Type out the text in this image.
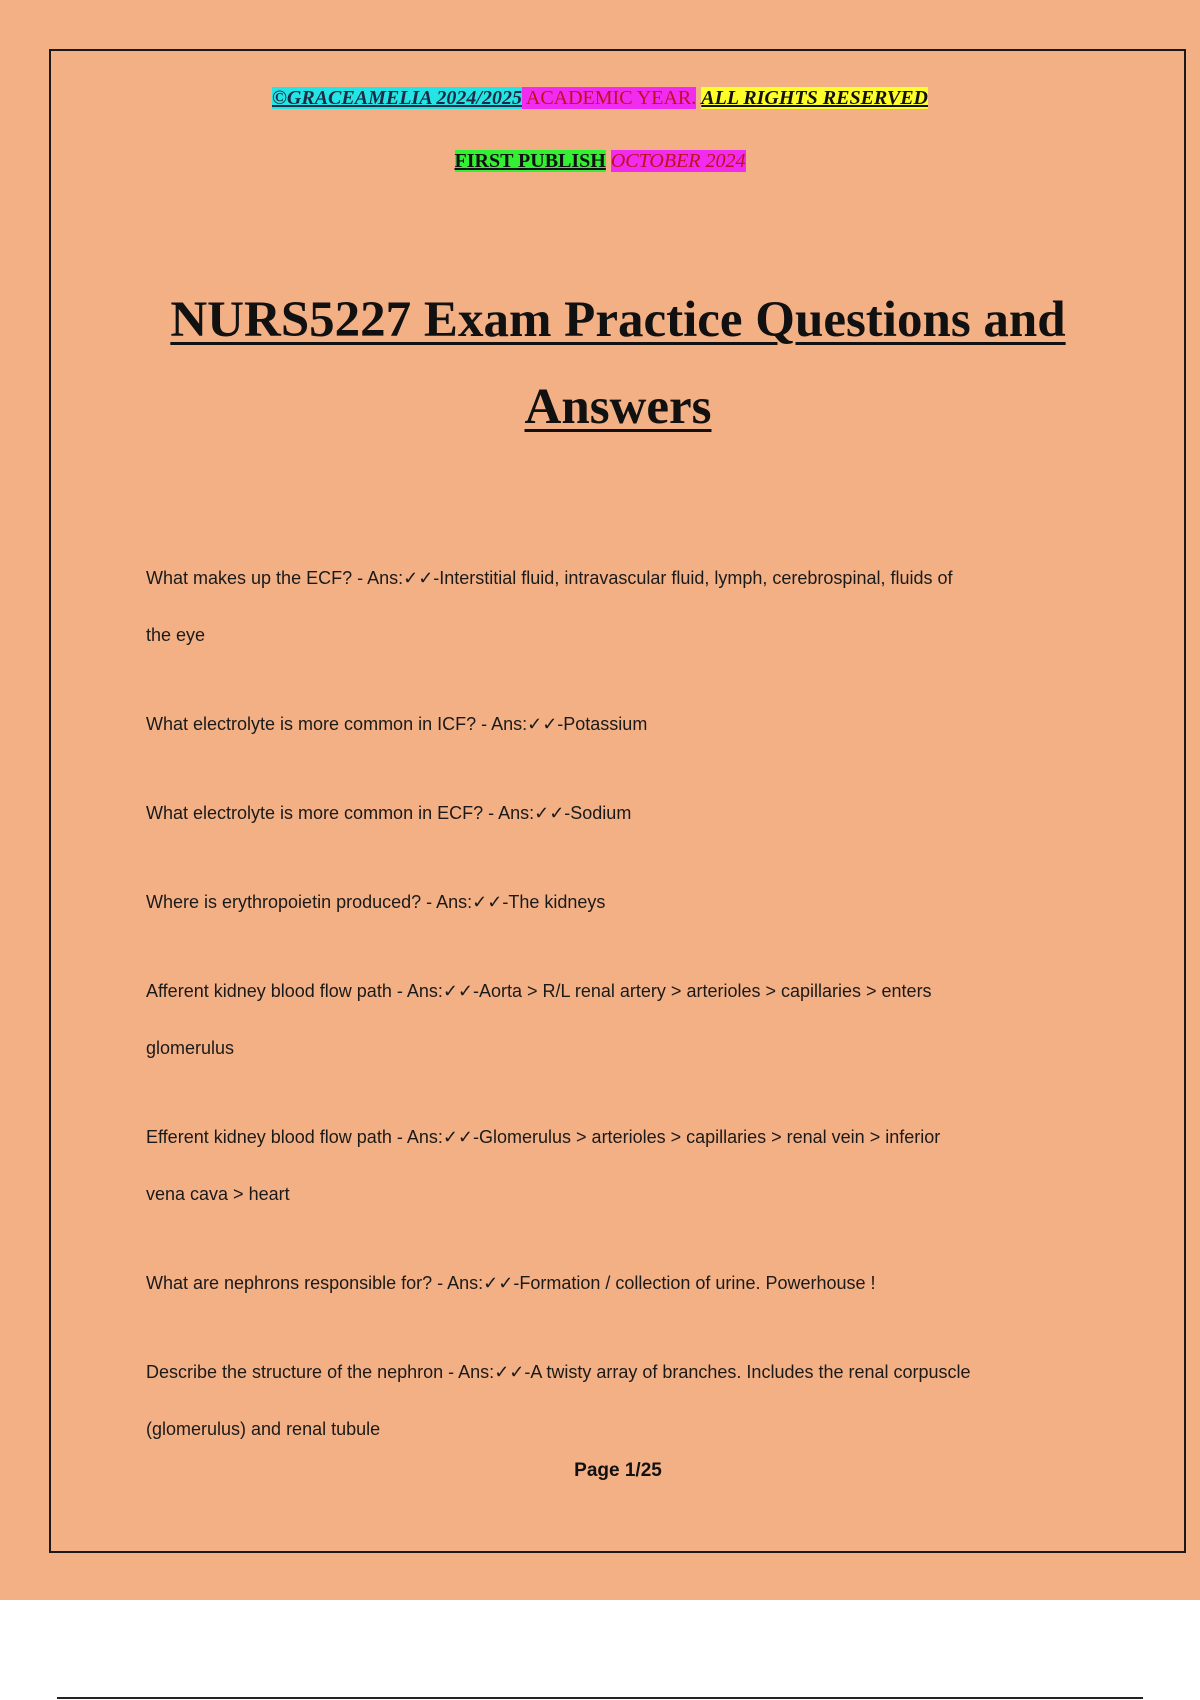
©GRACEAMELIA 2024/2025 ACADEMIC YEAR. ALL RIGHTS RESERVED
FIRST PUBLISH OCTOBER 2024
NURS5227 Exam Practice Questions and
Answers
What makes up the ECF? - Ans:✓✓-Interstitial fluid, intravascular fluid, lymph, cerebrospinal, fluids of
the eye
What electrolyte is more common in ICF? - Ans:✓✓-Potassium
What electrolyte is more common in ECF? - Ans:✓✓-Sodium
Where is erythropoietin produced? - Ans:✓✓-The kidneys
Afferent kidney blood flow path - Ans:✓✓-Aorta > R/L renal artery > arterioles > capillaries > enters
glomerulus
Efferent kidney blood flow path - Ans:✓✓-Glomerulus > arterioles > capillaries > renal vein > inferior
vena cava > heart
What are nephrons responsible for? - Ans:✓✓-Formation / collection of urine. Powerhouse !
Describe the structure of the nephron - Ans:✓✓-A twisty array of branches. Includes the renal corpuscle
(glomerulus) and renal tubule
Page 1/25
